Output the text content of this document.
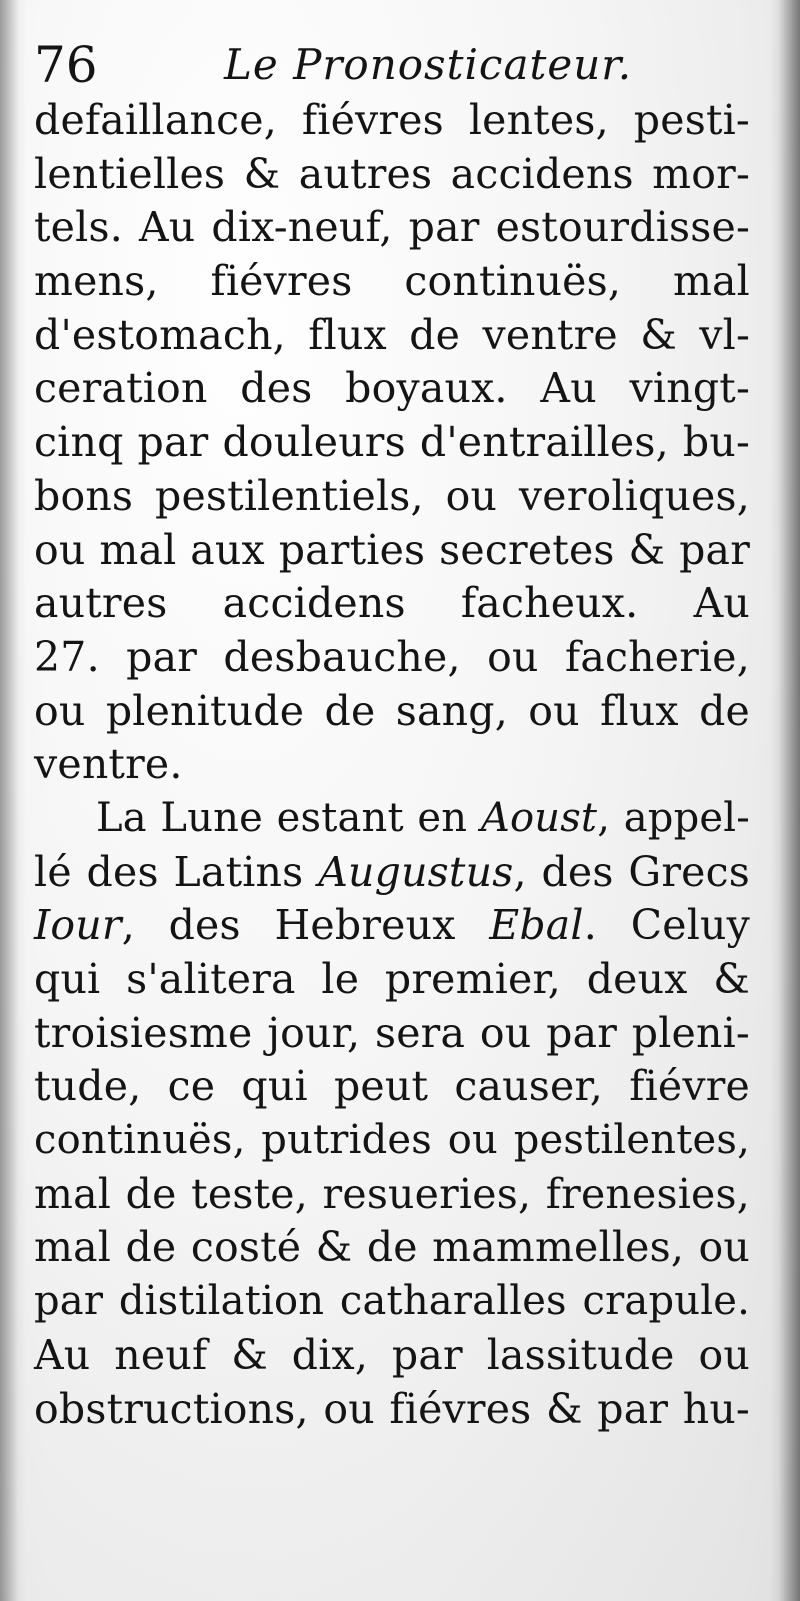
76	Le Pronosticateur.
defaillance, fiévres lentes, pesti-
lentielles & autres accidens mor-
tels. Au dix-neuf, par estourdisse-
mens, fiévres continuës, mal
d'estomach, flux de ventre & vl-
ceration des boyaux. Au vingt-
cinq par douleurs d'entrailles, bu-
bons pestilentiels, ou veroliques,
ou mal aux parties secretes & par
autres accidens facheux. Au
27. par desbauche, ou facherie,
ou plenitude de sang, ou flux de
ventre.
La Lune estant en Aoust, appel-
lé des Latins Augustus, des Grecs
Iour, des Hebreux Ebal. Celuy
qui s'alitera le premier, deux &
troisiesme jour, sera ou par pleni-
tude, ce qui peut causer, fiévre
continuës, putrides ou pestilentes,
mal de teste, resueries, frenesies,
mal de costé & de mammelles, ou
par distilation catharalles crapule.
Au neuf & dix, par lassitude ou
obstructions, ou fiévres & par hu-
